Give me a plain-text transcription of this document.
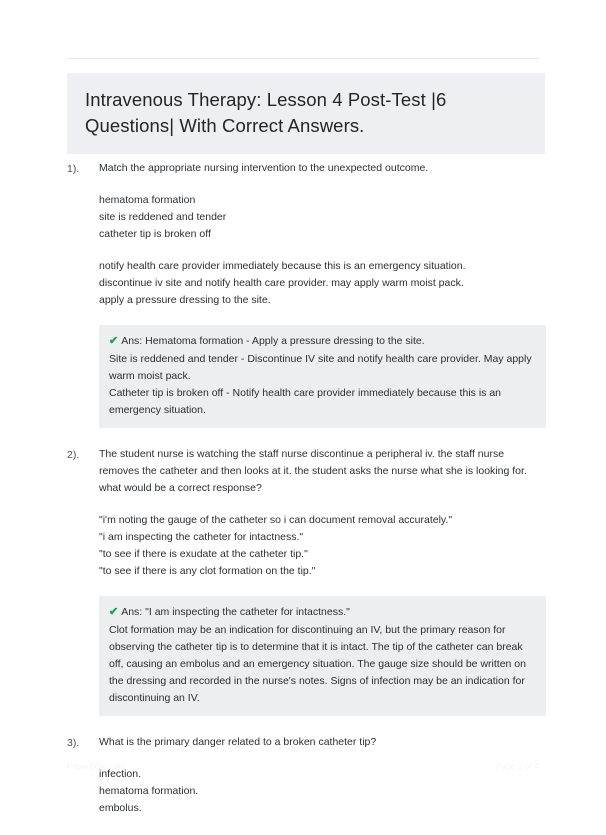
Intravenous Therapy: Lesson 4 Post-Test |6 Questions| With Correct Answers.
1).	Match the appropriate nursing intervention to the unexpected outcome.
hematoma formation
site is reddened and tender
catheter tip is broken off
notify health care provider immediately because this is an emergency situation.
discontinue iv site and notify health care provider. may apply warm moist pack.
apply a pressure dressing to the site.
✔ Ans: Hematoma formation - Apply a pressure dressing to the site.
Site is reddened and tender - Discontinue IV site and notify health care provider. May apply warm moist pack.
Catheter tip is broken off - Notify health care provider immediately because this is an emergency situation.
2).	The student nurse is watching the staff nurse discontinue a peripheral iv. the staff nurse removes the catheter and then looks at it. the student asks the nurse what she is looking for. what would be a correct response?
"i'm noting the gauge of the catheter so i can document removal accurately."
"i am inspecting the catheter for intactness."
"to see if there is exudate at the catheter tip."
"to see if there is any clot formation on the tip."
✔ Ans: "I am inspecting the catheter for intactness."
Clot formation may be an indication for discontinuing an IV, but the primary reason for observing the catheter tip is to determine that it is intact. The tip of the catheter can break off, causing an embolus and an emergency situation. The gauge size should be written on the dressing and recorded in the nurse's notes. Signs of infection may be an indication for discontinuing an IV.
3).	What is the primary danger related to a broken catheter tip?
infection.
hematoma formation.
embolus.
PaperBillic.com	Page 1 of 4
